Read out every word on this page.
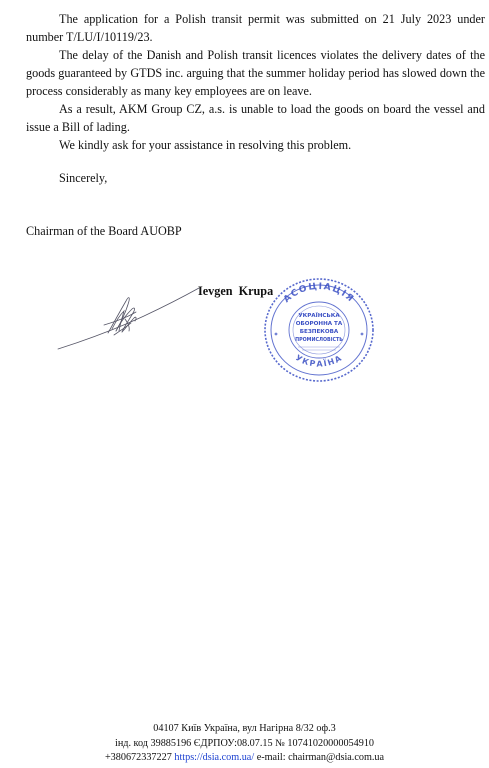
The application for a Polish transit permit was submitted on 21 July 2023 under number T/LU/I/10119/23.

The delay of the Danish and Polish transit licences violates the delivery dates of the goods guaranteed by GTDS inc. arguing that the summer holiday period has slowed down the process considerably as many key employees are on leave.

As a result, AKM Group CZ, a.s. is unable to load the goods on board the vessel and issue a Bill of lading.

We kindly ask for your assistance in resolving this problem.

Sincerely,
Chairman of the Board AUOBP
Ievgen  Krupa
АСОЦІАЦІЯ
УКРАЇНА
УКРАЇНСЬКА
ОБОРОННА ТА
БЕЗПЕКОВА
ПРОМИСЛОВІСТЬ
04107 Київ Україна, вул Нагірна 8/32 оф.3
інд. код 39885196 ЄДРПОУ:08.07.15 № 10741020000054910
+380672337227 https://dsia.com.ua/ e-mail: chairman@dsia.com.ua
